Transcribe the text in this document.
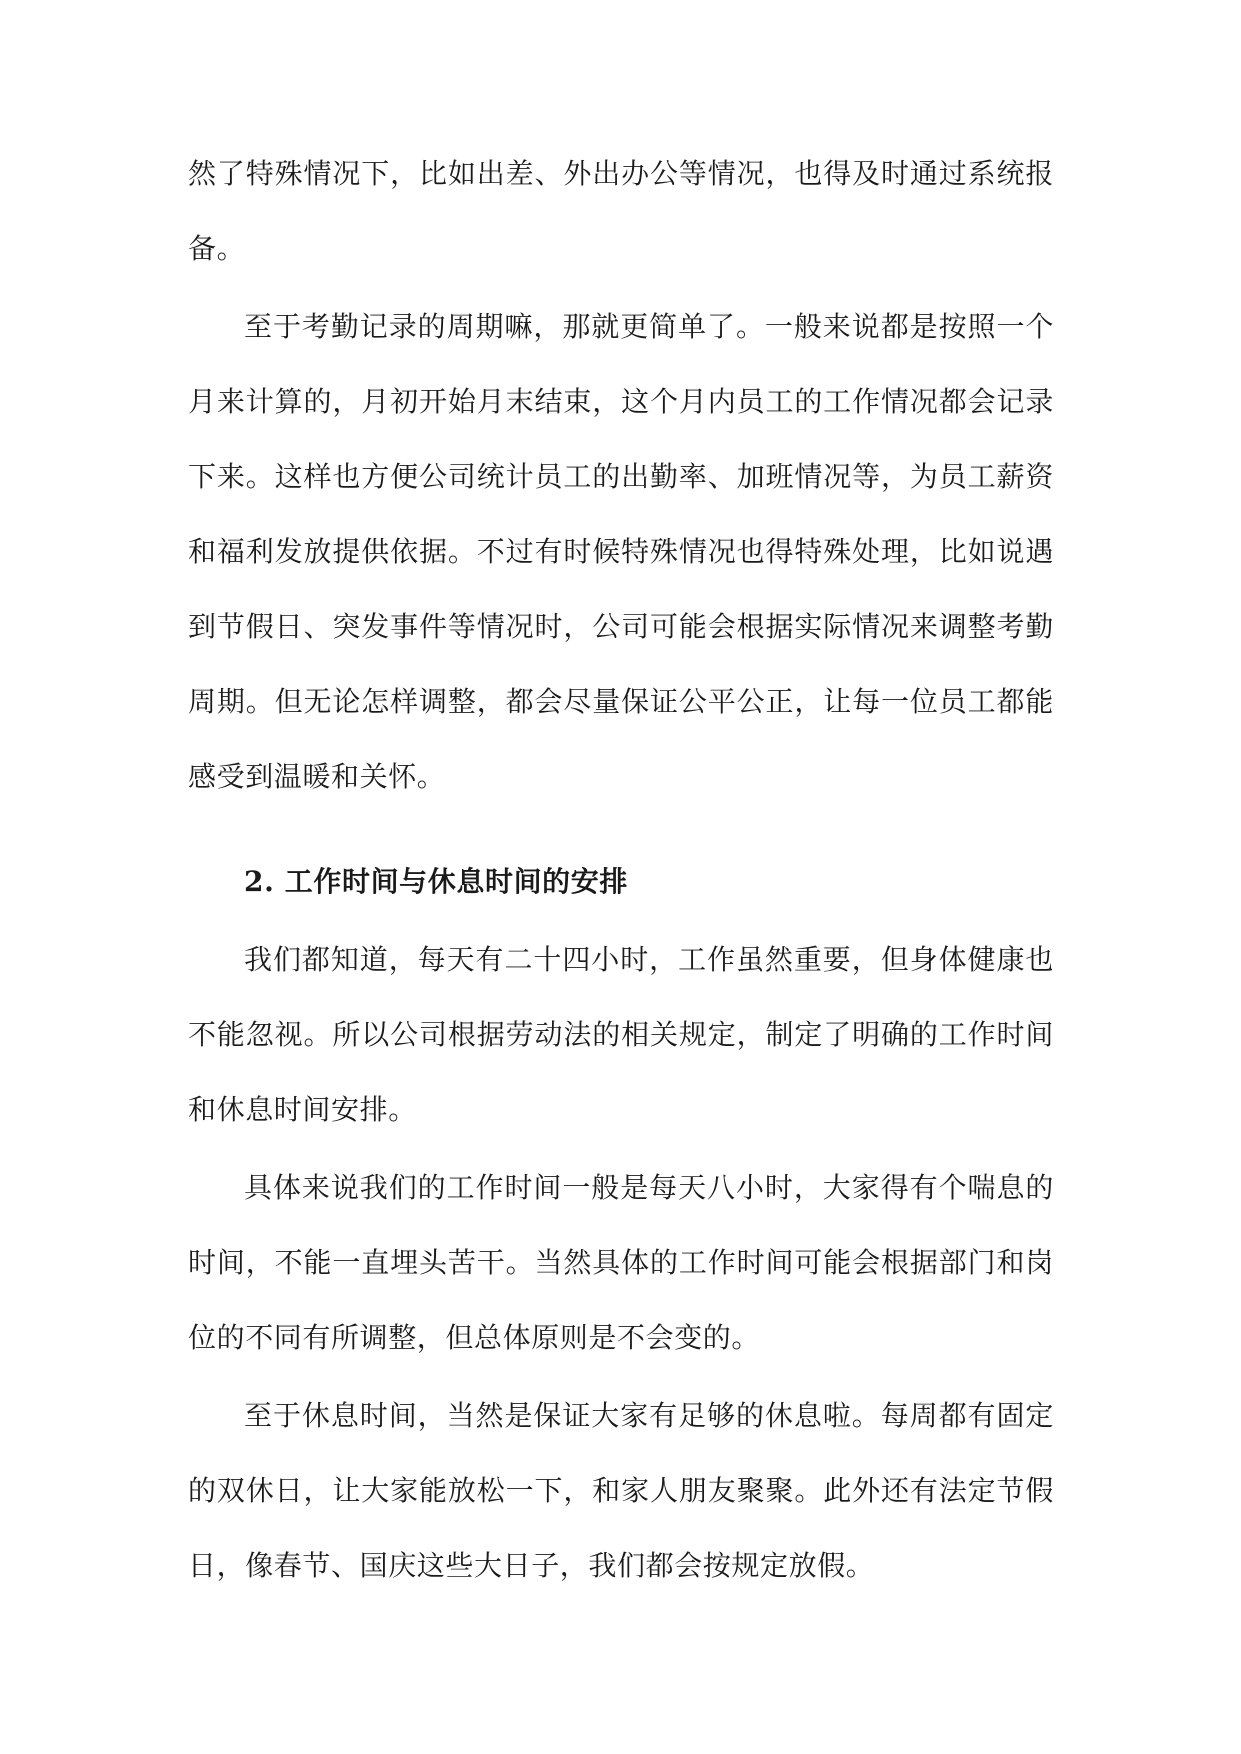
然了特殊情况下，比如出差、外出办公等情况，也得及时通过系统报备。

至于考勤记录的周期嘛，那就更简单了。一般来说都是按照一个月来计算的，月初开始月末结束，这个月内员工的工作情况都会记录下来。这样也方便公司统计员工的出勤率、加班情况等，为员工薪资和福利发放提供依据。不过有时候特殊情况也得特殊处理，比如说遇到节假日、突发事件等情况时，公司可能会根据实际情况来调整考勤周期。但无论怎样调整，都会尽量保证公平公正，让每一位员工都能感受到温暖和关怀。

2. 工作时间与休息时间的安排

我们都知道，每天有二十四小时，工作虽然重要，但身体健康也不能忽视。所以公司根据劳动法的相关规定，制定了明确的工作时间和休息时间安排。

具体来说我们的工作时间一般是每天八小时，大家得有个喘息的时间，不能一直埋头苦干。当然具体的工作时间可能会根据部门和岗位的不同有所调整，但总体原则是不会变的。

至于休息时间，当然是保证大家有足够的休息啦。每周都有固定的双休日，让大家能放松一下，和家人朋友聚聚。此外还有法定节假日，像春节、国庆这些大日子，我们都会按规定放假。
